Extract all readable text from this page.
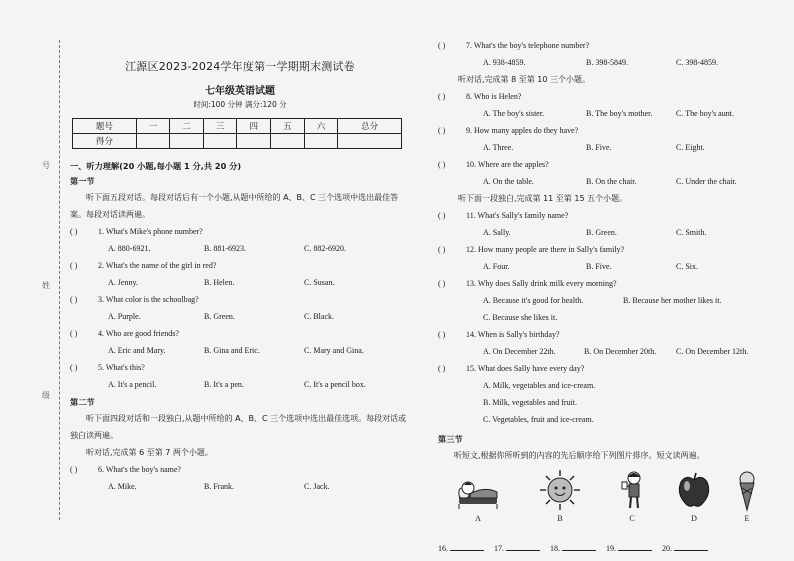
号
姓
级
江源区2023-2024学年度第一学期期末测试卷
七年级英语试题
时间:100 分钟 满分:120 分
题号	一	二	三	四	五	六	总分
得分							
一、听力理解(20 小题,每小题 1 分,共 20 分)
第一节
听下面五段对话。每段对话后有一个小题,从题中所给的 A、B、C 三个选项中选出最佳答案。每段对话读两遍。
( )	1. What's Mike's phone number?
A. 880-6921.	B. 881-6923.	C. 882-6920.
( )	2. What's the name of the girl in red?
A. Jenny.	B. Helen.	C. Susan.
( )	3. What color is the schoolbag?
A. Purple.	B. Green.	C. Black.
( )	4. Who are good friends?
A. Eric and Mary.	B. Gina and Eric.	C. Mary and Gina.
( )	5. What's this?
A. It's a pencil.	B. It's a pen.	C. It's a pencil box.
第二节
听下面四段对话和一段独白,从题中所给的 A、B、C 三个选项中选出最佳选项。每段对话或独白读两遍。
听对话,完成第 6 至第 7 两个小题。
( )	6. What's the boy's name?
A. Mike.	B. Frank.	C. Jack.
( )	7. What's the boy's telephone number?
A. 938-4859.	B. 398-5849.	C. 398-4859.
听对话,完成第 8 至第 10 三个小题。
( )	8. Who is Helen?
A. The boy's sister.	B. The boy's mother.	C. The boy's aunt.
( )	9. How many apples do they have?
A. Three.	B. Five.	C. Eight.
( )	10. Where are the apples?
A. On the table.	B. On the chair.	C. Under the chair.
听下面一段独白,完成第 11 至第 15 五个小题。
( )	11. What's Sally's family name?
A. Sally.	B. Green.	C. Smith.
( )	12. How many people are there in Sally's family?
A. Four.	B. Five.	C. Six.
( )	13. Why does Sally drink milk every morning?
A. Because it's good for health.	B. Because her mother likes it.
C. Because she likes it.
( )	14. When is Sally's birthday?
A. On December 22th.	B. On December 20th. C. On December 12th.
( )	15. What does Sally have every day?
A. Milk, vegetables and ice-cream.
B. Milk, vegetables and fruit.
C. Vegetables, fruit and ice-cream.
第三节
听短文,根据你所听到的内容的先后顺序给下列图片排序。短文读两遍。
A	B	C	D	E
16.	17.	18.	19.	20.
